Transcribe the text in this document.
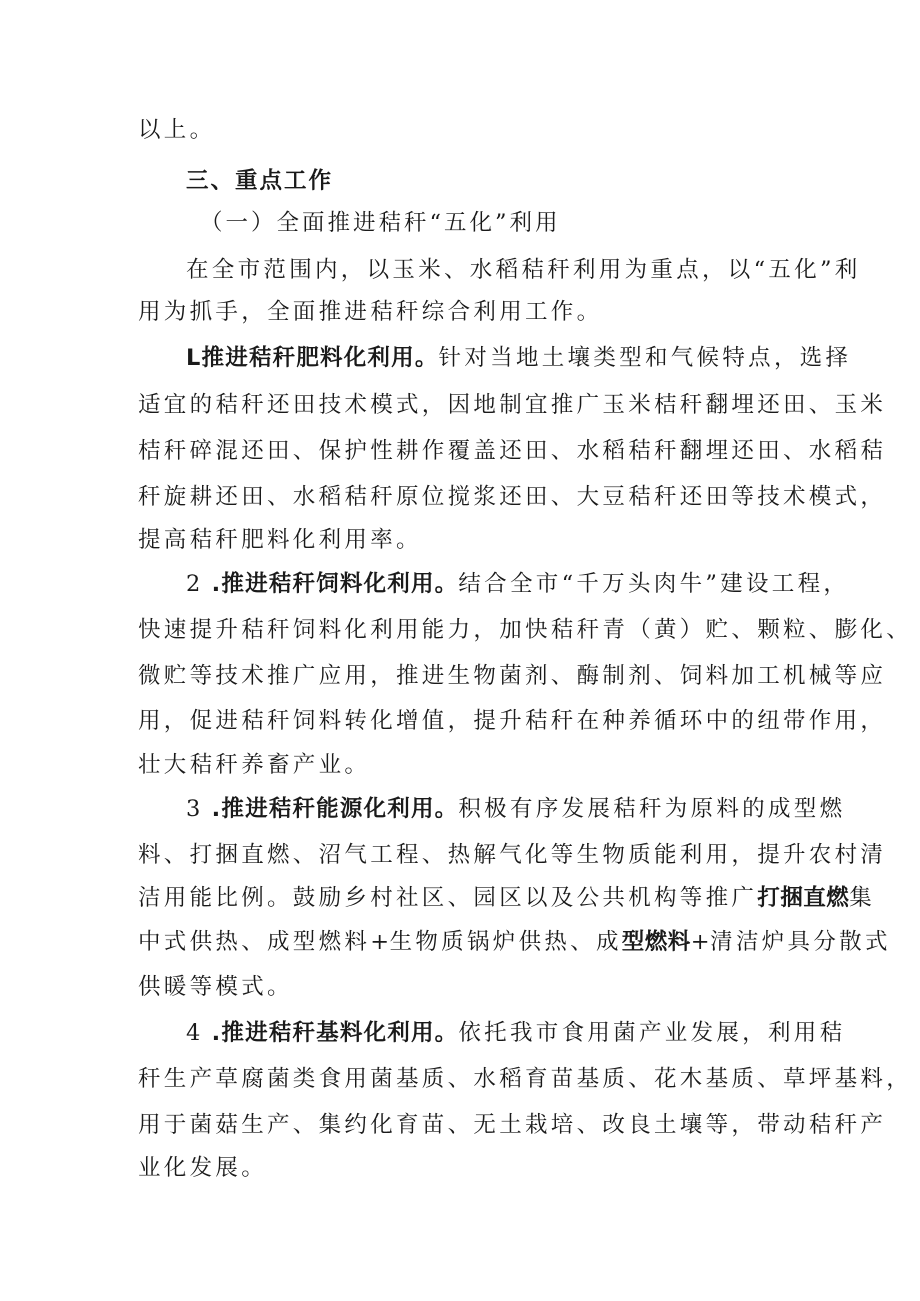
以上。
三、重点工作
（一）全面推进秸秆“五化”利用
在全市范围内，以玉米、水稻秸秆利用为重点，以“五化”利
用为抓手，全面推进秸秆综合利用工作。
L推进秸秆肥料化利用。针对当地土壤类型和气候特点，选择
适宜的秸秆还田技术模式，因地制宜推广玉米桔秆翻埋还田、玉米
桔秆碎混还田、保护性耕作覆盖还田、水稻秸秆翻埋还田、水稻秸
秆旋耕还田、水稻秸秆原位搅浆还田、大豆秸秆还田等技术模式，
提高秸秆肥料化利用率。
2 .推进秸秆饲料化利用。结合全市“千万头肉牛”建设工程，
快速提升秸秆饲料化利用能力，加快秸秆青（黄）贮、颗粒、膨化、
微贮等技术推广应用，推进生物菌剂、酶制剂、饲料加工机械等应
用，促进秸秆饲料转化增值，提升秸秆在种养循环中的纽带作用，
壮大秸秆养畜产业。
3 .推进秸秆能源化利用。积极有序发展秸秆为原料的成型燃
料、打捆直燃、沼气工程、热解气化等生物质能利用，提升农村清
洁用能比例。鼓励乡村社区、园区以及公共机构等推广打捆直燃集
中式供热、成型燃料+生物质锅炉供热、成型燃料+清洁炉具分散式
供暖等模式。
4 .推进秸秆基料化利用。依托我市食用菌产业发展，利用秸
秆生产草腐菌类食用菌基质、水稻育苗基质、花木基质、草坪基料，
用于菌菇生产、集约化育苗、无土栽培、改良土壤等，带动秸秆产
业化发展。
